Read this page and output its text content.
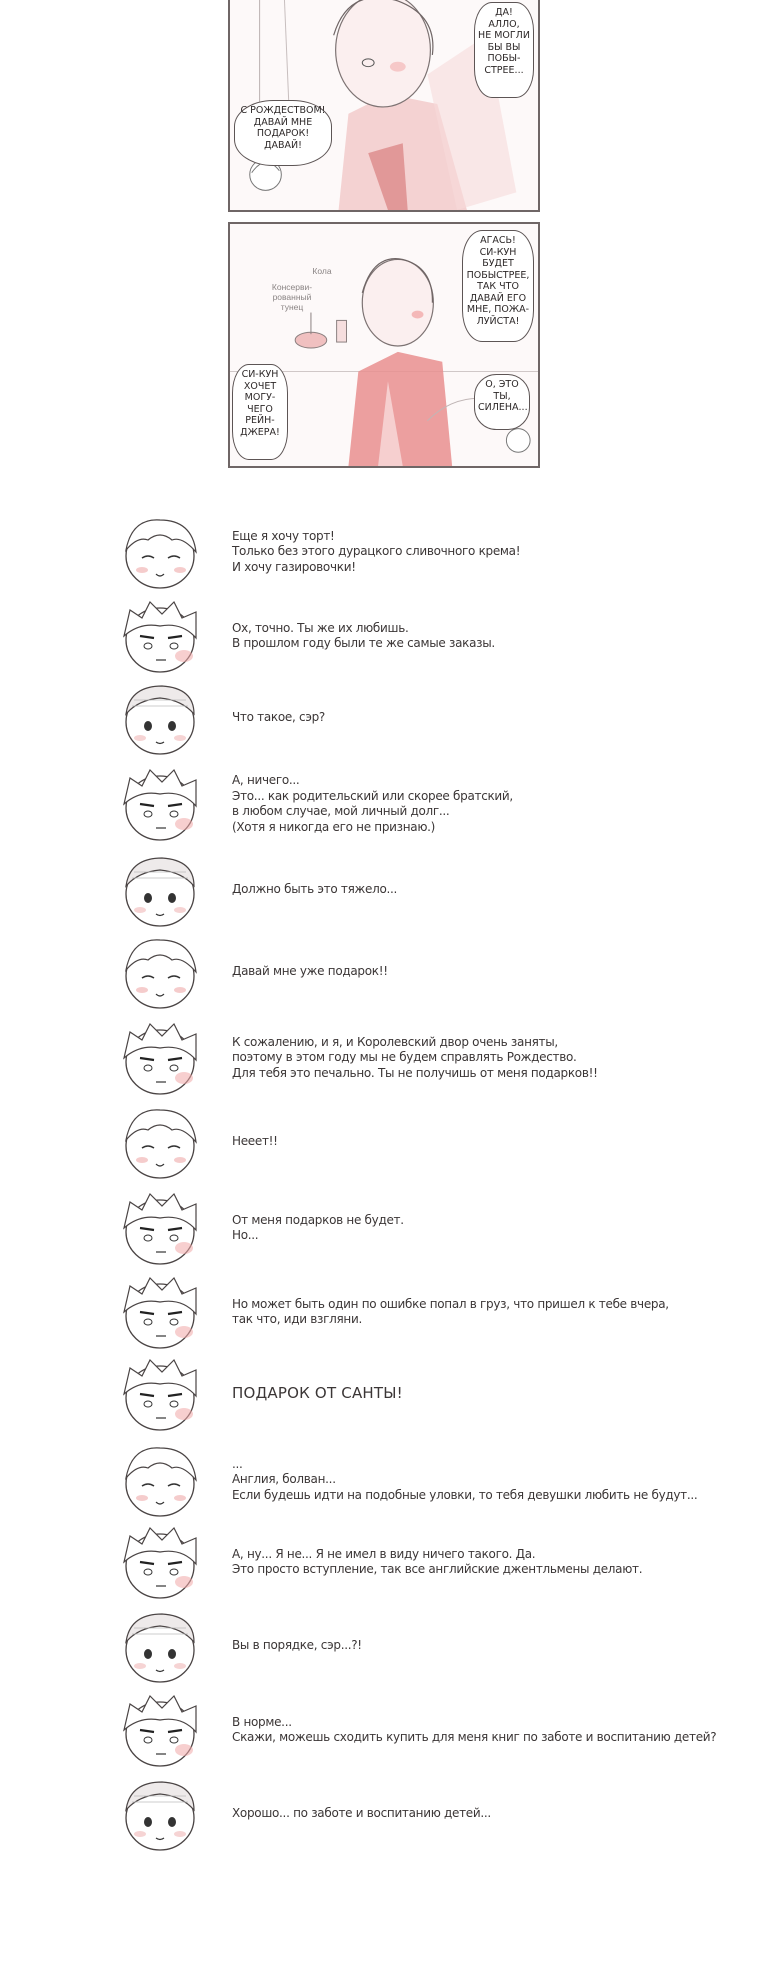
ДА! АЛЛО,
НЕ МОГЛИ
БЫ ВЫ
ПОБЫ-
СТРЕЕ...
С РОЖДЕСТВОМ!
ДАВАЙ МНЕ
ПОДАРОК!
ДАВАЙ!
Кола
Консерви-
рованный
тунец
АГАСЬ!
СИ-КУН
БУДЕТ
ПОБЫСТРЕЕ,
ТАК ЧТО
ДАВАЙ ЕГО
МНЕ, ПОЖА-
ЛУЙСТА!
СИ-КУН
ХОЧЕТ
МОГУ-
ЧЕГО
РЕЙН-
ДЖЕРА!
О, ЭТО
ТЫ,
СИЛЕНА...
Еще я хочу торт!
Только без этого дурацкого сливочного крема!
И хочу газировочки!
Ох, точно. Ты же их любишь.
В прошлом году были те же самые заказы.
Что такое, сэр?
А, ничего...
Это... как родительский или скорее братский,
в любом случае, мой личный долг...
(Хотя я никогда его не признаю.)
Должно быть это тяжело...
Давай мне уже подарок!!
К сожалению, и я, и Королевский двор очень заняты,
поэтому в этом году мы не будем справлять Рождество.
Для тебя это печально. Ты не получишь от меня подарков!!
Нееет!!
От меня подарков не будет.
Но...
Но может быть один по ошибке попал в груз, что пришел к тебе вчера,
так что, иди взгляни.
ПОДАРОК ОТ САНТЫ!
...
Англия, болван...
Если будешь идти на подобные уловки, то тебя девушки любить не будут...
А, ну... Я не... Я не имел в виду ничего такого. Да.
Это просто вступление, так все английские джентльмены делают.
Вы в порядке, сэр...?!
В норме...
Скажи, можешь сходить купить для меня книг по заботе и воспитанию детей?
Хорошо... по заботе и воспитанию детей...
